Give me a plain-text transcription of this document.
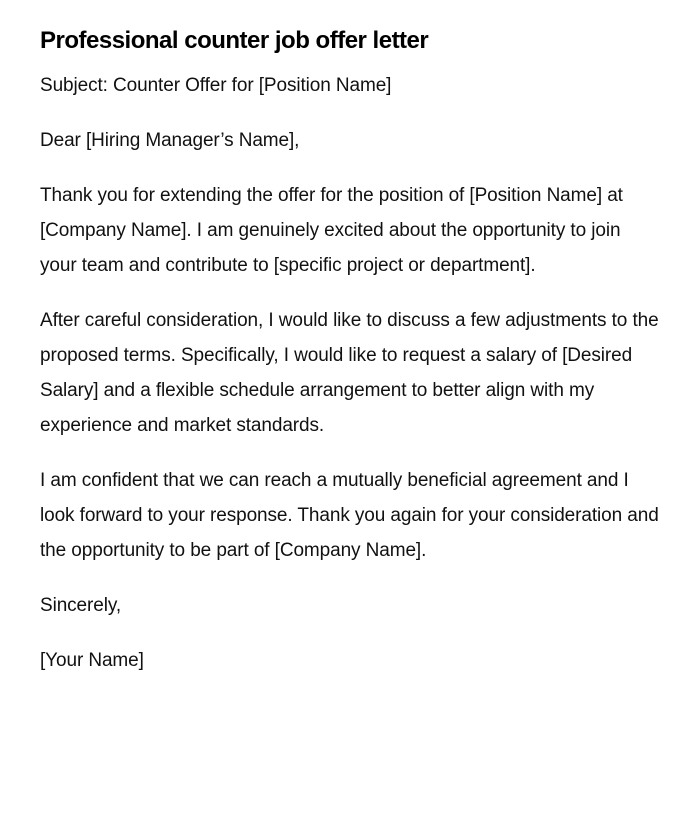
Professional counter job offer letter

Subject: Counter Offer for [Position Name]

Dear [Hiring Manager’s Name],

Thank you for extending the offer for the position of [Position Name] at [Company Name]. I am genuinely excited about the opportunity to join your team and contribute to [specific project or department].

After careful consideration, I would like to discuss a few adjustments to the proposed terms. Specifically, I would like to request a salary of [Desired Salary] and a flexible schedule arrangement to better align with my experience and market standards.

I am confident that we can reach a mutually beneficial agreement and I look forward to your response. Thank you again for your consideration and the opportunity to be part of [Company Name].

Sincerely,

[Your Name]
